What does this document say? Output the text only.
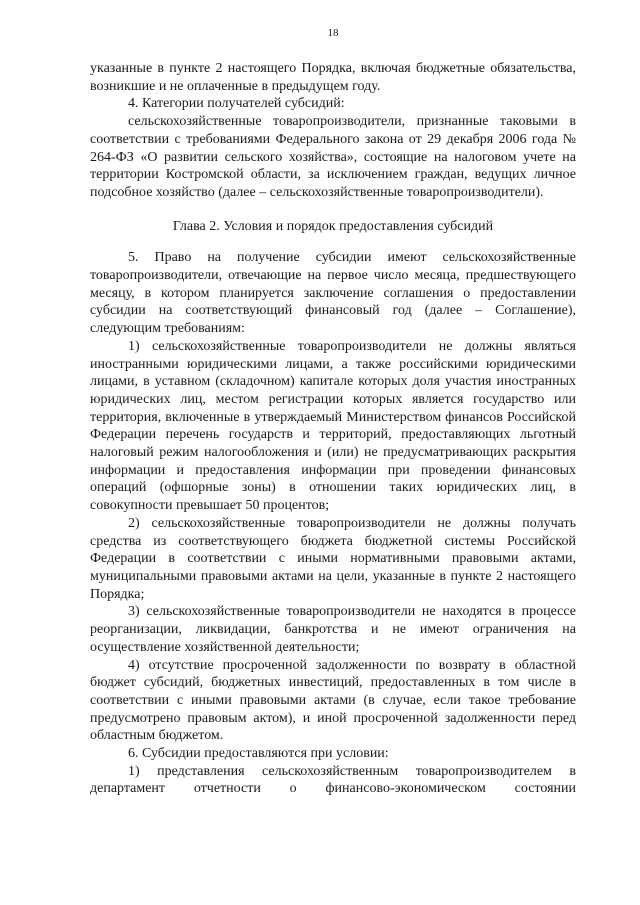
18

указанные в пункте 2 настоящего Порядка, включая бюджетные обязательства, возникшие и не оплаченные в предыдущем году.

4. Категории получателей субсидий:

сельскохозяйственные товаропроизводители, признанные таковыми в соответствии с требованиями Федерального закона от 29 декабря 2006 года № 264-ФЗ «О развитии сельского хозяйства», состоящие на налоговом учете на территории Костромской области, за исключением граждан, ведущих личное подсобное хозяйство (далее – сельскохозяйственные товаропроизводители).

Глава 2. Условия и порядок предоставления субсидий

5. Право на получение субсидии имеют сельскохозяйственные товаропроизводители, отвечающие на первое число месяца, предшествующего месяцу, в котором планируется заключение соглашения о предоставлении субсидии на соответствующий финансовый год (далее – Соглашение), следующим требованиям:

1) сельскохозяйственные товаропроизводители не должны являться иностранными юридическими лицами, а также российскими юридическими лицами, в уставном (складочном) капитале которых доля участия иностранных юридических лиц, местом регистрации которых является государство или территория, включенные в утверждаемый Министерством финансов Российской Федерации перечень государств и территорий, предоставляющих льготный налоговый режим налогообложения и (или) не предусматривающих раскрытия информации и предоставления информации при проведении финансовых операций (офшорные зоны) в отношении таких юридических лиц, в совокупности превышает 50 процентов;

2) сельскохозяйственные товаропроизводители не должны получать средства из соответствующего бюджета бюджетной системы Российской Федерации в соответствии с иными нормативными правовыми актами, муниципальными правовыми актами на цели, указанные в пункте 2 настоящего Порядка;

3) сельскохозяйственные товаропроизводители не находятся в процессе реорганизации, ликвидации, банкротства и не имеют ограничения на осуществление хозяйственной деятельности;

4) отсутствие просроченной задолженности по возврату в областной бюджет субсидий, бюджетных инвестиций, предоставленных в том числе в соответствии с иными правовыми актами (в случае, если такое требование предусмотрено правовым актом), и иной просроченной задолженности перед областным бюджетом.

6. Субсидии предоставляются при условии:

1) представления сельскохозяйственным товаропроизводителем в департамент отчетности о финансово-экономическом состоянии
